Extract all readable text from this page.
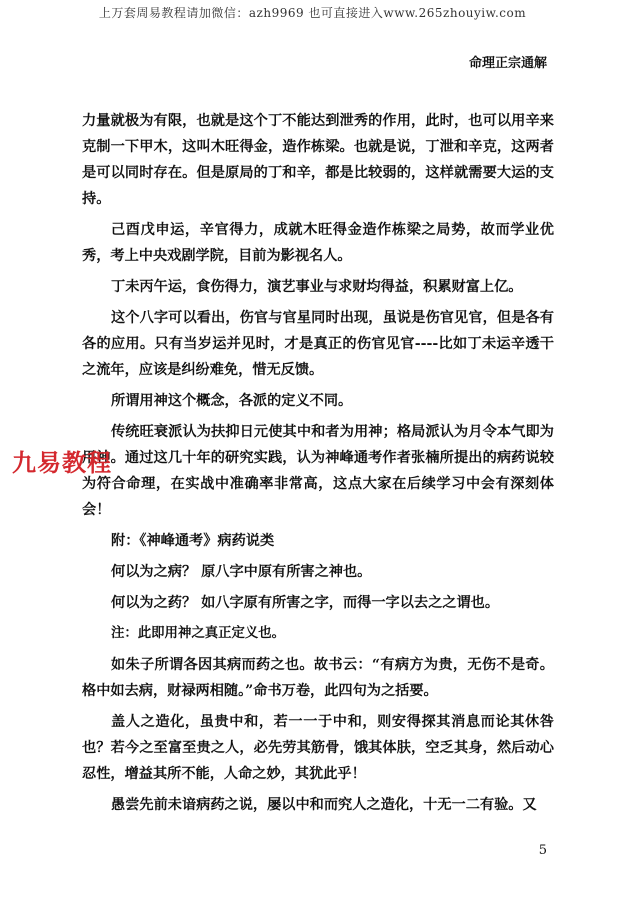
上万套周易教程请加微信：azh9969 也可直接进入www.265zhouyiw.com
命理正宗通解

力量就极为有限，也就是这个丁不能达到泄秀的作用，此时，也可以用辛来克制一下甲木，这叫木旺得金，造作栋梁。也就是说，丁泄和辛克，这两者是可以同时存在。但是原局的丁和辛，都是比较弱的，这样就需要大运的支持。

己酉戊申运，辛官得力，成就木旺得金造作栋梁之局势，故而学业优秀，考上中央戏剧学院，目前为影视名人。

丁未丙午运，食伤得力，演艺事业与求财均得益，积累财富上亿。

这个八字可以看出，伤官与官星同时出现，虽说是伤官见官，但是各有各的应用。只有当岁运并见时，才是真正的伤官见官----比如丁未运辛透干之流年，应该是纠纷难免，惜无反馈。

所谓用神这个概念，各派的定义不同。

传统旺衰派认为扶抑日元使其中和者为用神；格局派认为月令本气即为用神。通过这几十年的研究实践，认为神峰通考作者张楠所提出的病药说较为符合命理，在实战中准确率非常高，这点大家在后续学习中会有深刻体会！

附：《神峰通考》病药说类

何以为之病？ 原八字中原有所害之神也。

何以为之药？ 如八字原有所害之字，而得一字以去之之谓也。

注：此即用神之真正定义也。

如朱子所谓各因其病而药之也。故书云：“有病方为贵，无伤不是奇。格中如去病，财禄两相随。”命书万卷，此四句为之括要。

盖人之造化，虽贵中和，若一一于中和，则安得探其消息而论其休咎也？若今之至富至贵之人，必先劳其筋骨，饿其体肤，空乏其身，然后动心忍性，增益其所不能，人命之妙，其犹此乎！

愚尝先前未谙病药之说，屡以中和而究人之造化，十无一二有验。又

九易教程
5
